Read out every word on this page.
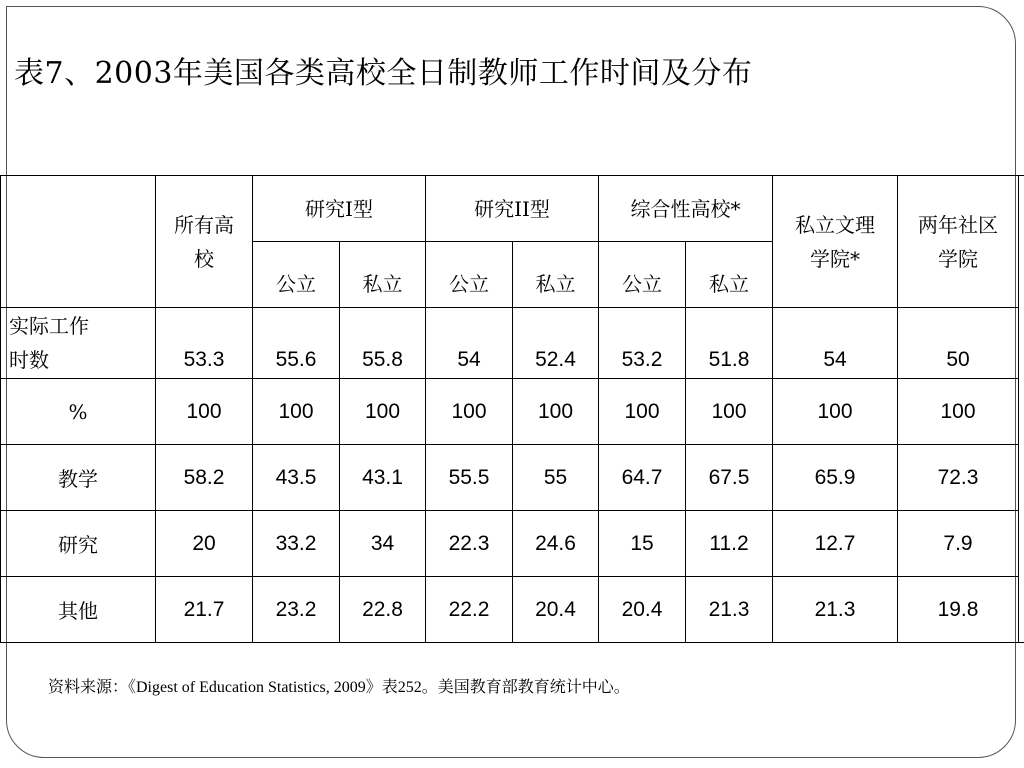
表7、2003年美国各类高校全日制教师工作时间及分布

	所有高校	研究I型		研究II型		综合性高校*		私立文理学院*	两年社区学院	

		公立	私立	公立	私立	公立	私立			

实际工作时数	53.3	55.6	55.8	54	52.4	53.2	51.8	54	50	
%	100	100	100	100	100	100	100	100	100	
教学	58.2	43.5	43.1	55.5	55	64.7	67.5	65.9	72.3	
研究	20	33.2	34	22.3	24.6	15	11.2	12.7	7.9	
其他	21.7	23.2	22.8	22.2	20.4	20.4	21.3	21.3	19.8	
资料来源：《Digest of Education Statistics, 2009》表252。美国教育部教育统计中心。
